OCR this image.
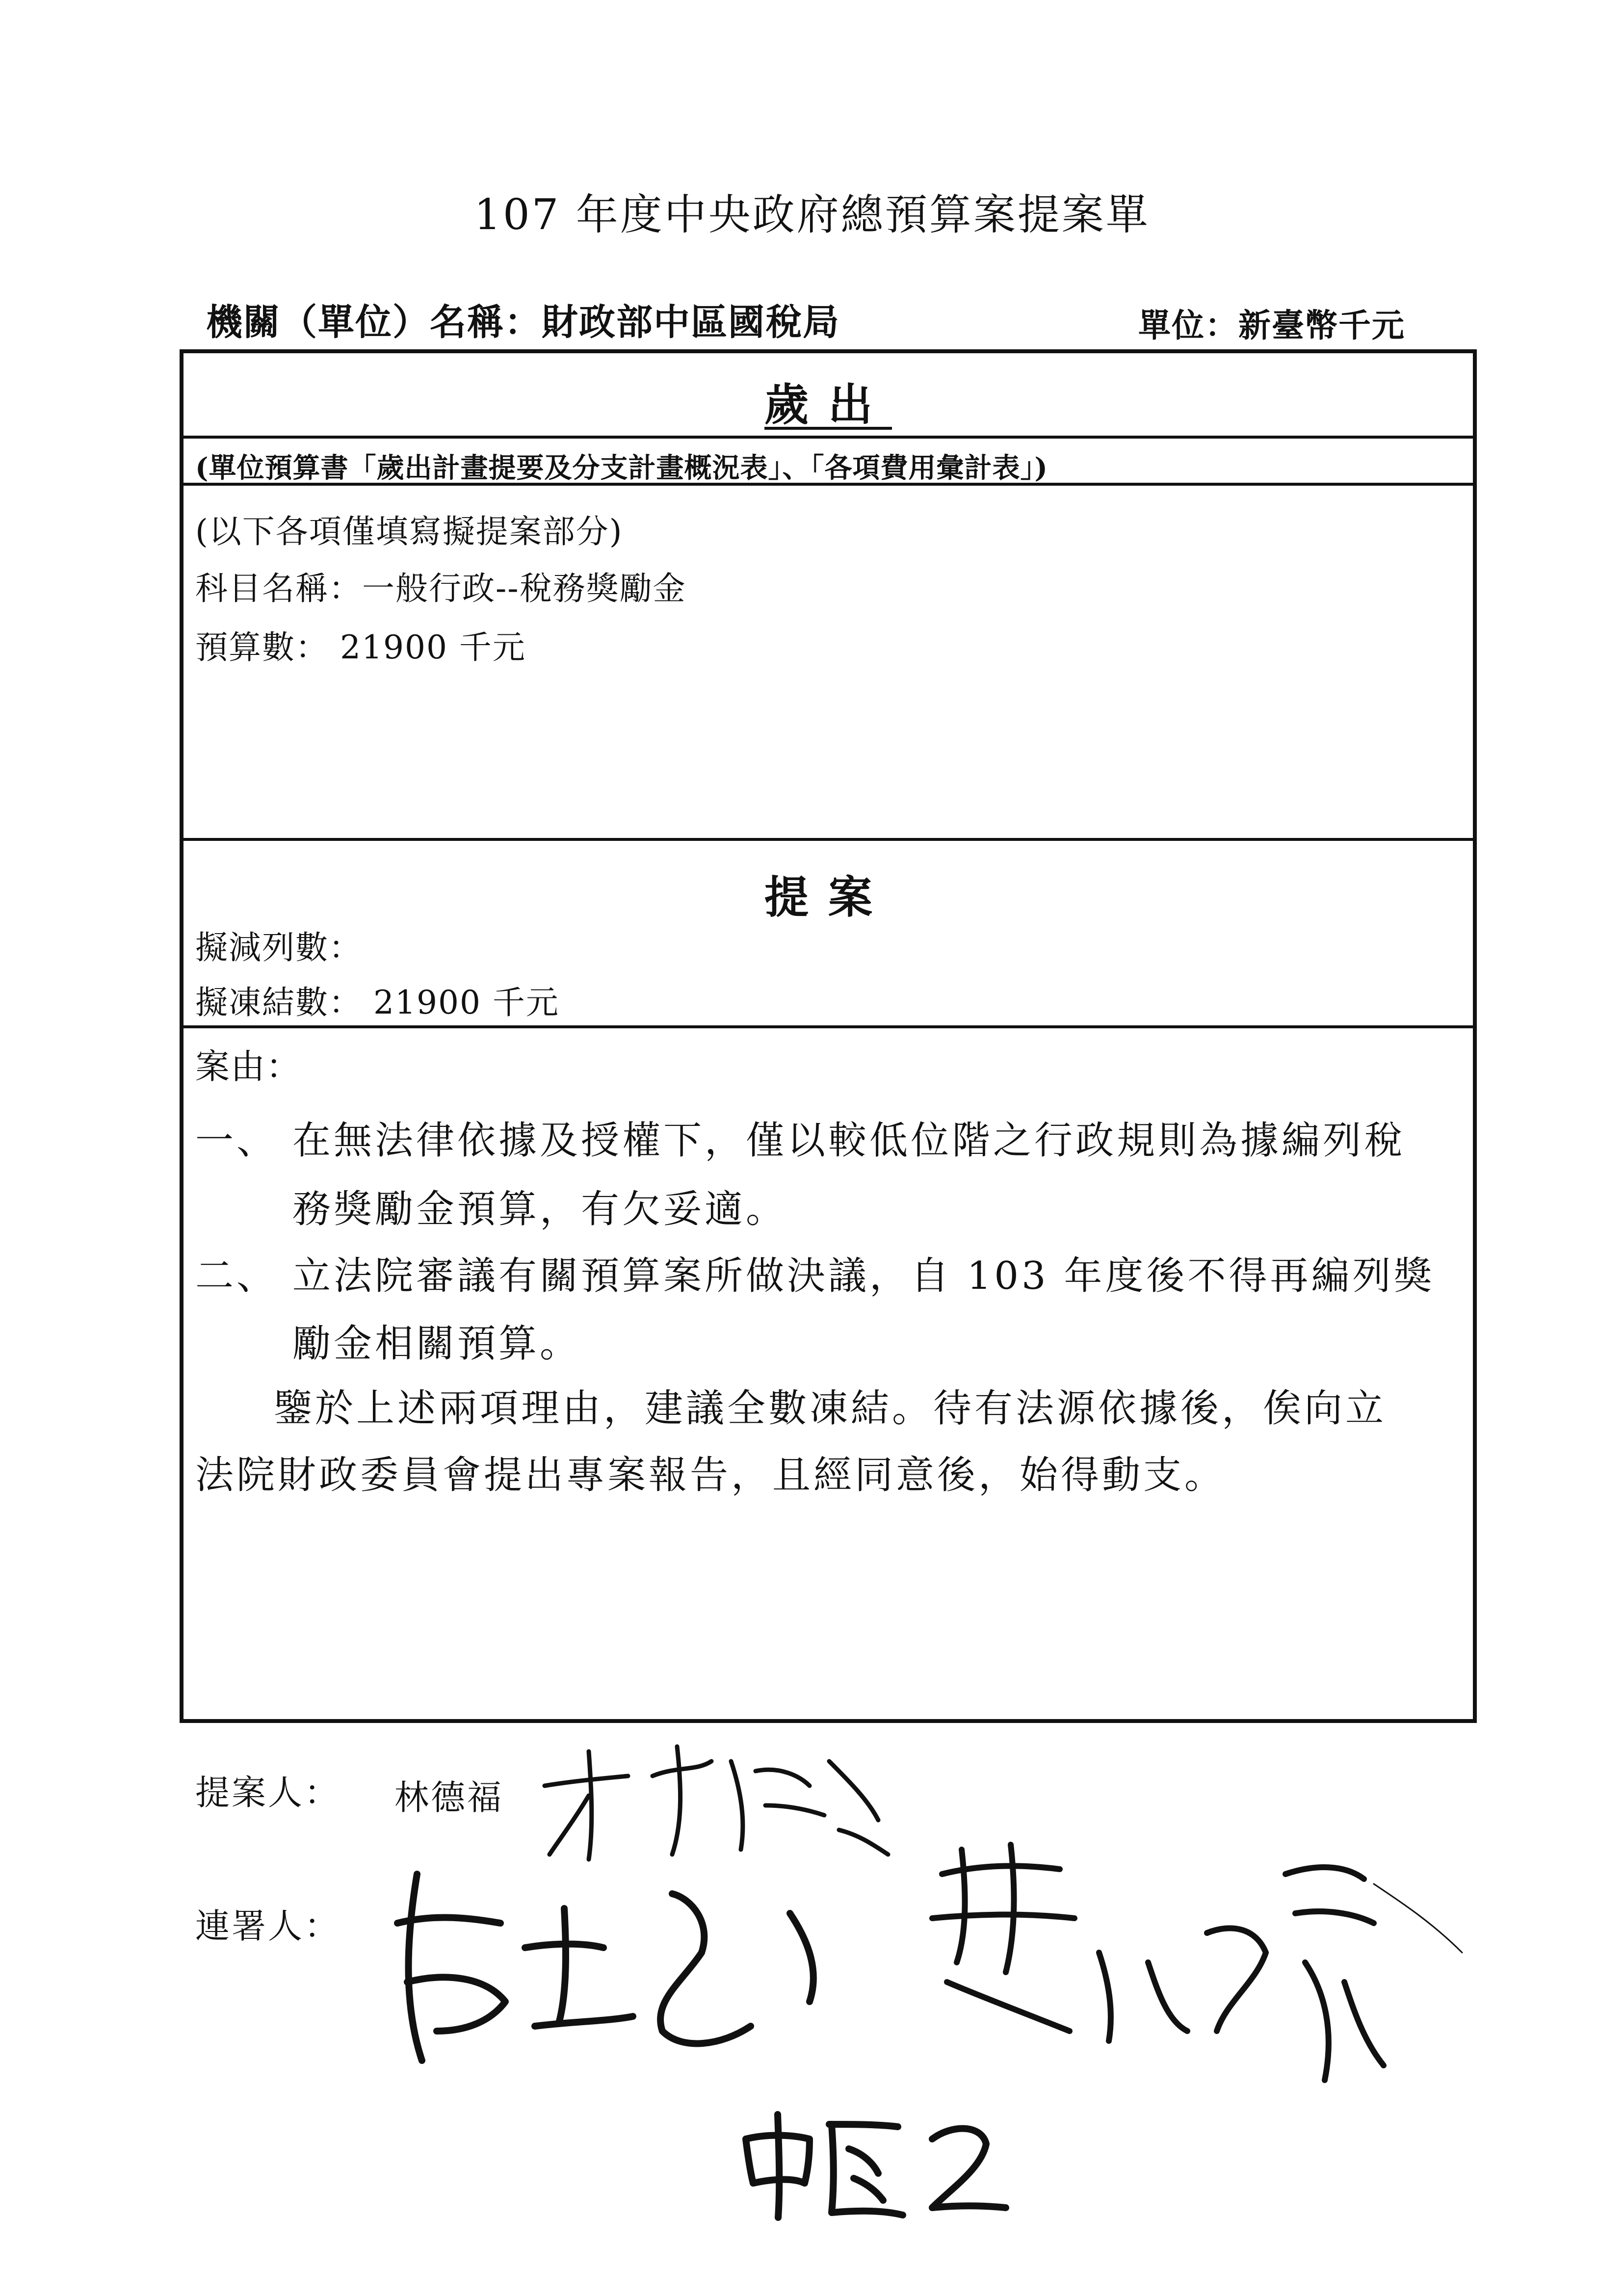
107 年度中央政府總預算案提案單
機關（單位）名稱：財政部中區國稅局	單位：新臺幣千元
歲出
(單位預算書「歲出計畫提要及分支計畫概況表」、「各項費用彙計表」)
(以下各項僅填寫擬提案部分)
科目名稱：一般行政--稅務獎勵金
預算數： 21900 千元
提案
擬減列數：
擬凍結數： 21900 千元
案由：
一、 在無法律依據及授權下，僅以較低位階之行政規則為據編列稅
務獎勵金預算，有欠妥適。
二、 立法院審議有關預算案所做決議，自 103 年度後不得再編列獎
勵金相關預算。
鑒於上述兩項理由，建議全數凍結。待有法源依據後，俟向立
法院財政委員會提出專案報告，且經同意後，始得動支。
提案人： 林德福
連署人：
